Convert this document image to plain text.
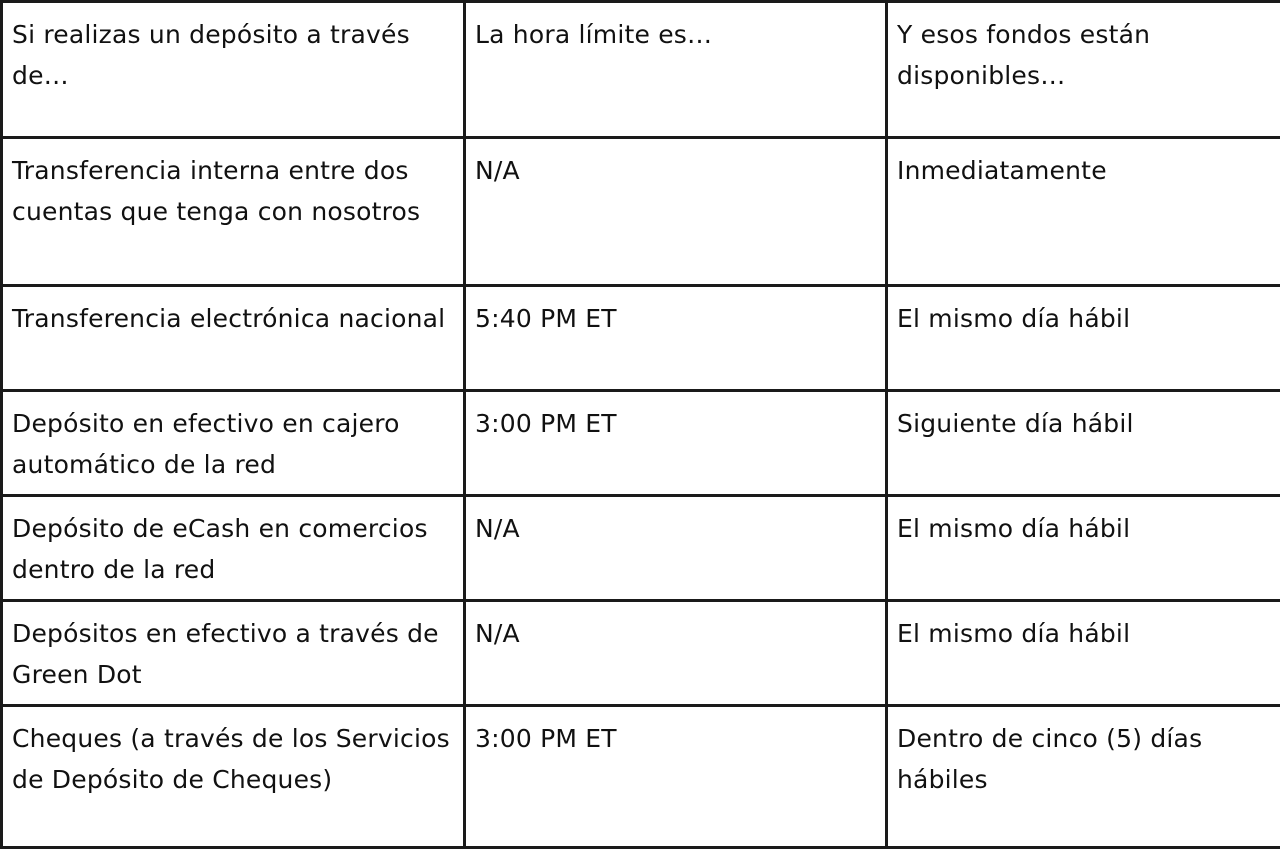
Si realizas un depósito a través de…	La hora límite es…	Y esos fondos están disponibles…
Transferencia interna entre dos cuentas que tenga con nosotros	N/A	Inmediatamente
Transferencia electrónica nacional	5:40 PM ET	El mismo día hábil
Depósito en efectivo en cajero automático de la red	3:00 PM ET	Siguiente día hábil
Depósito de eCash en comercios dentro de la red	N/A	El mismo día hábil
Depósitos en efectivo a través de Green Dot	N/A	El mismo día hábil
Cheques (a través de los Servicios de Depósito de Cheques)	3:00 PM ET	Dentro de cinco (5) días hábiles
